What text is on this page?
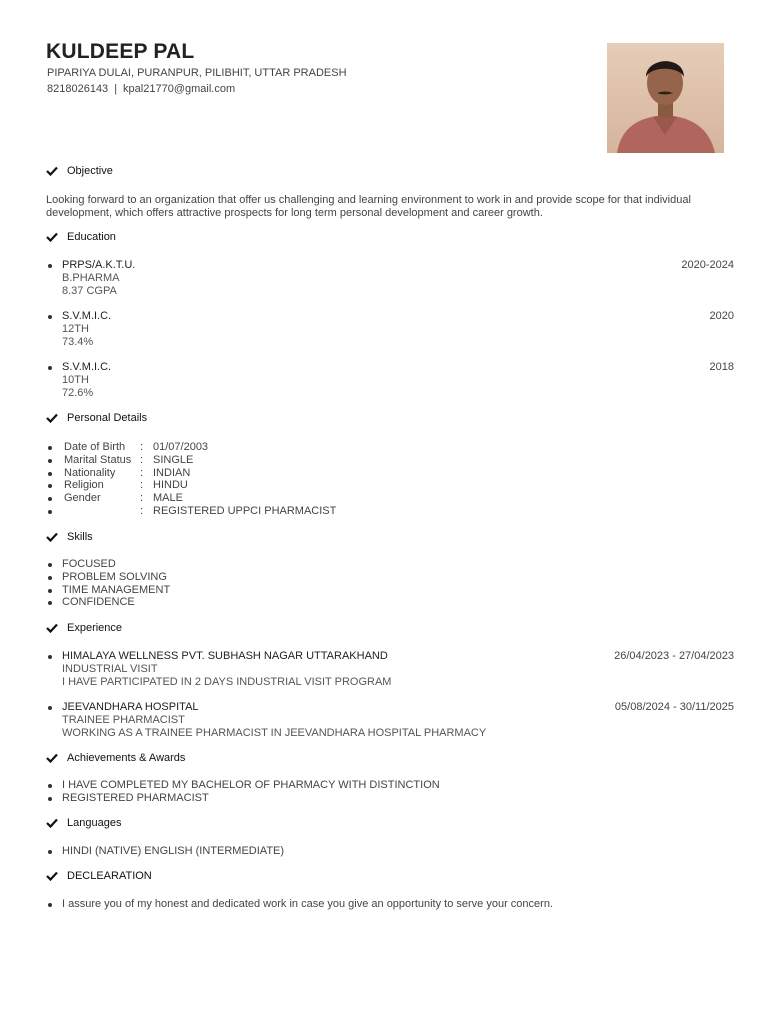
KULDEEP PAL
PIPARIYA DULAI, PURANPUR, PILIBHIT, UTTAR PRADESH
8218026143 | kpal21770@gmail.com
Objective
Looking forward to an organization that offer us challenging and learning environment to work in and provide scope for that individual development, which offers attractive prospects for long term personal development and career growth.
Education
PRPS/A.K.T.U.
B.PHARMA
8.37 CGPA
2020-2024
S.V.M.I.C.
12TH
73.4%
2020
S.V.M.I.C.
10TH
72.6%
2018
Personal Details
Date of Birth : 01/07/2003
Marital Status : SINGLE
Nationality : INDIAN
Religion	: HINDU
Gender	: MALE
: REGISTERED UPPCI PHARMACIST
Skills
FOCUSED
PROBLEM SOLVING
TIME MANAGEMENT
CONFIDENCE
Experience
HIMALAYA WELLNESS PVT. SUBHASH NAGAR UTTARAKHAND
INDUSTRIAL VISIT
I HAVE PARTICIPATED IN 2 DAYS INDUSTRIAL VISIT PROGRAM
26/04/2023 - 27/04/2023
JEEVANDHARA HOSPITAL
TRAINEE PHARMACIST
WORKING AS A TRAINEE PHARMACIST IN JEEVANDHARA HOSPITAL PHARMACY
05/08/2024 - 30/11/2025
Achievements & Awards
I HAVE COMPLETED MY BACHELOR OF PHARMACY WITH DISTINCTION
REGISTERED PHARMACIST
Languages
HINDI (NATIVE) ENGLISH (INTERMEDIATE)
DECLEARATION
I assure you of my honest and dedicated work in case you give an opportunity to serve your concern.
